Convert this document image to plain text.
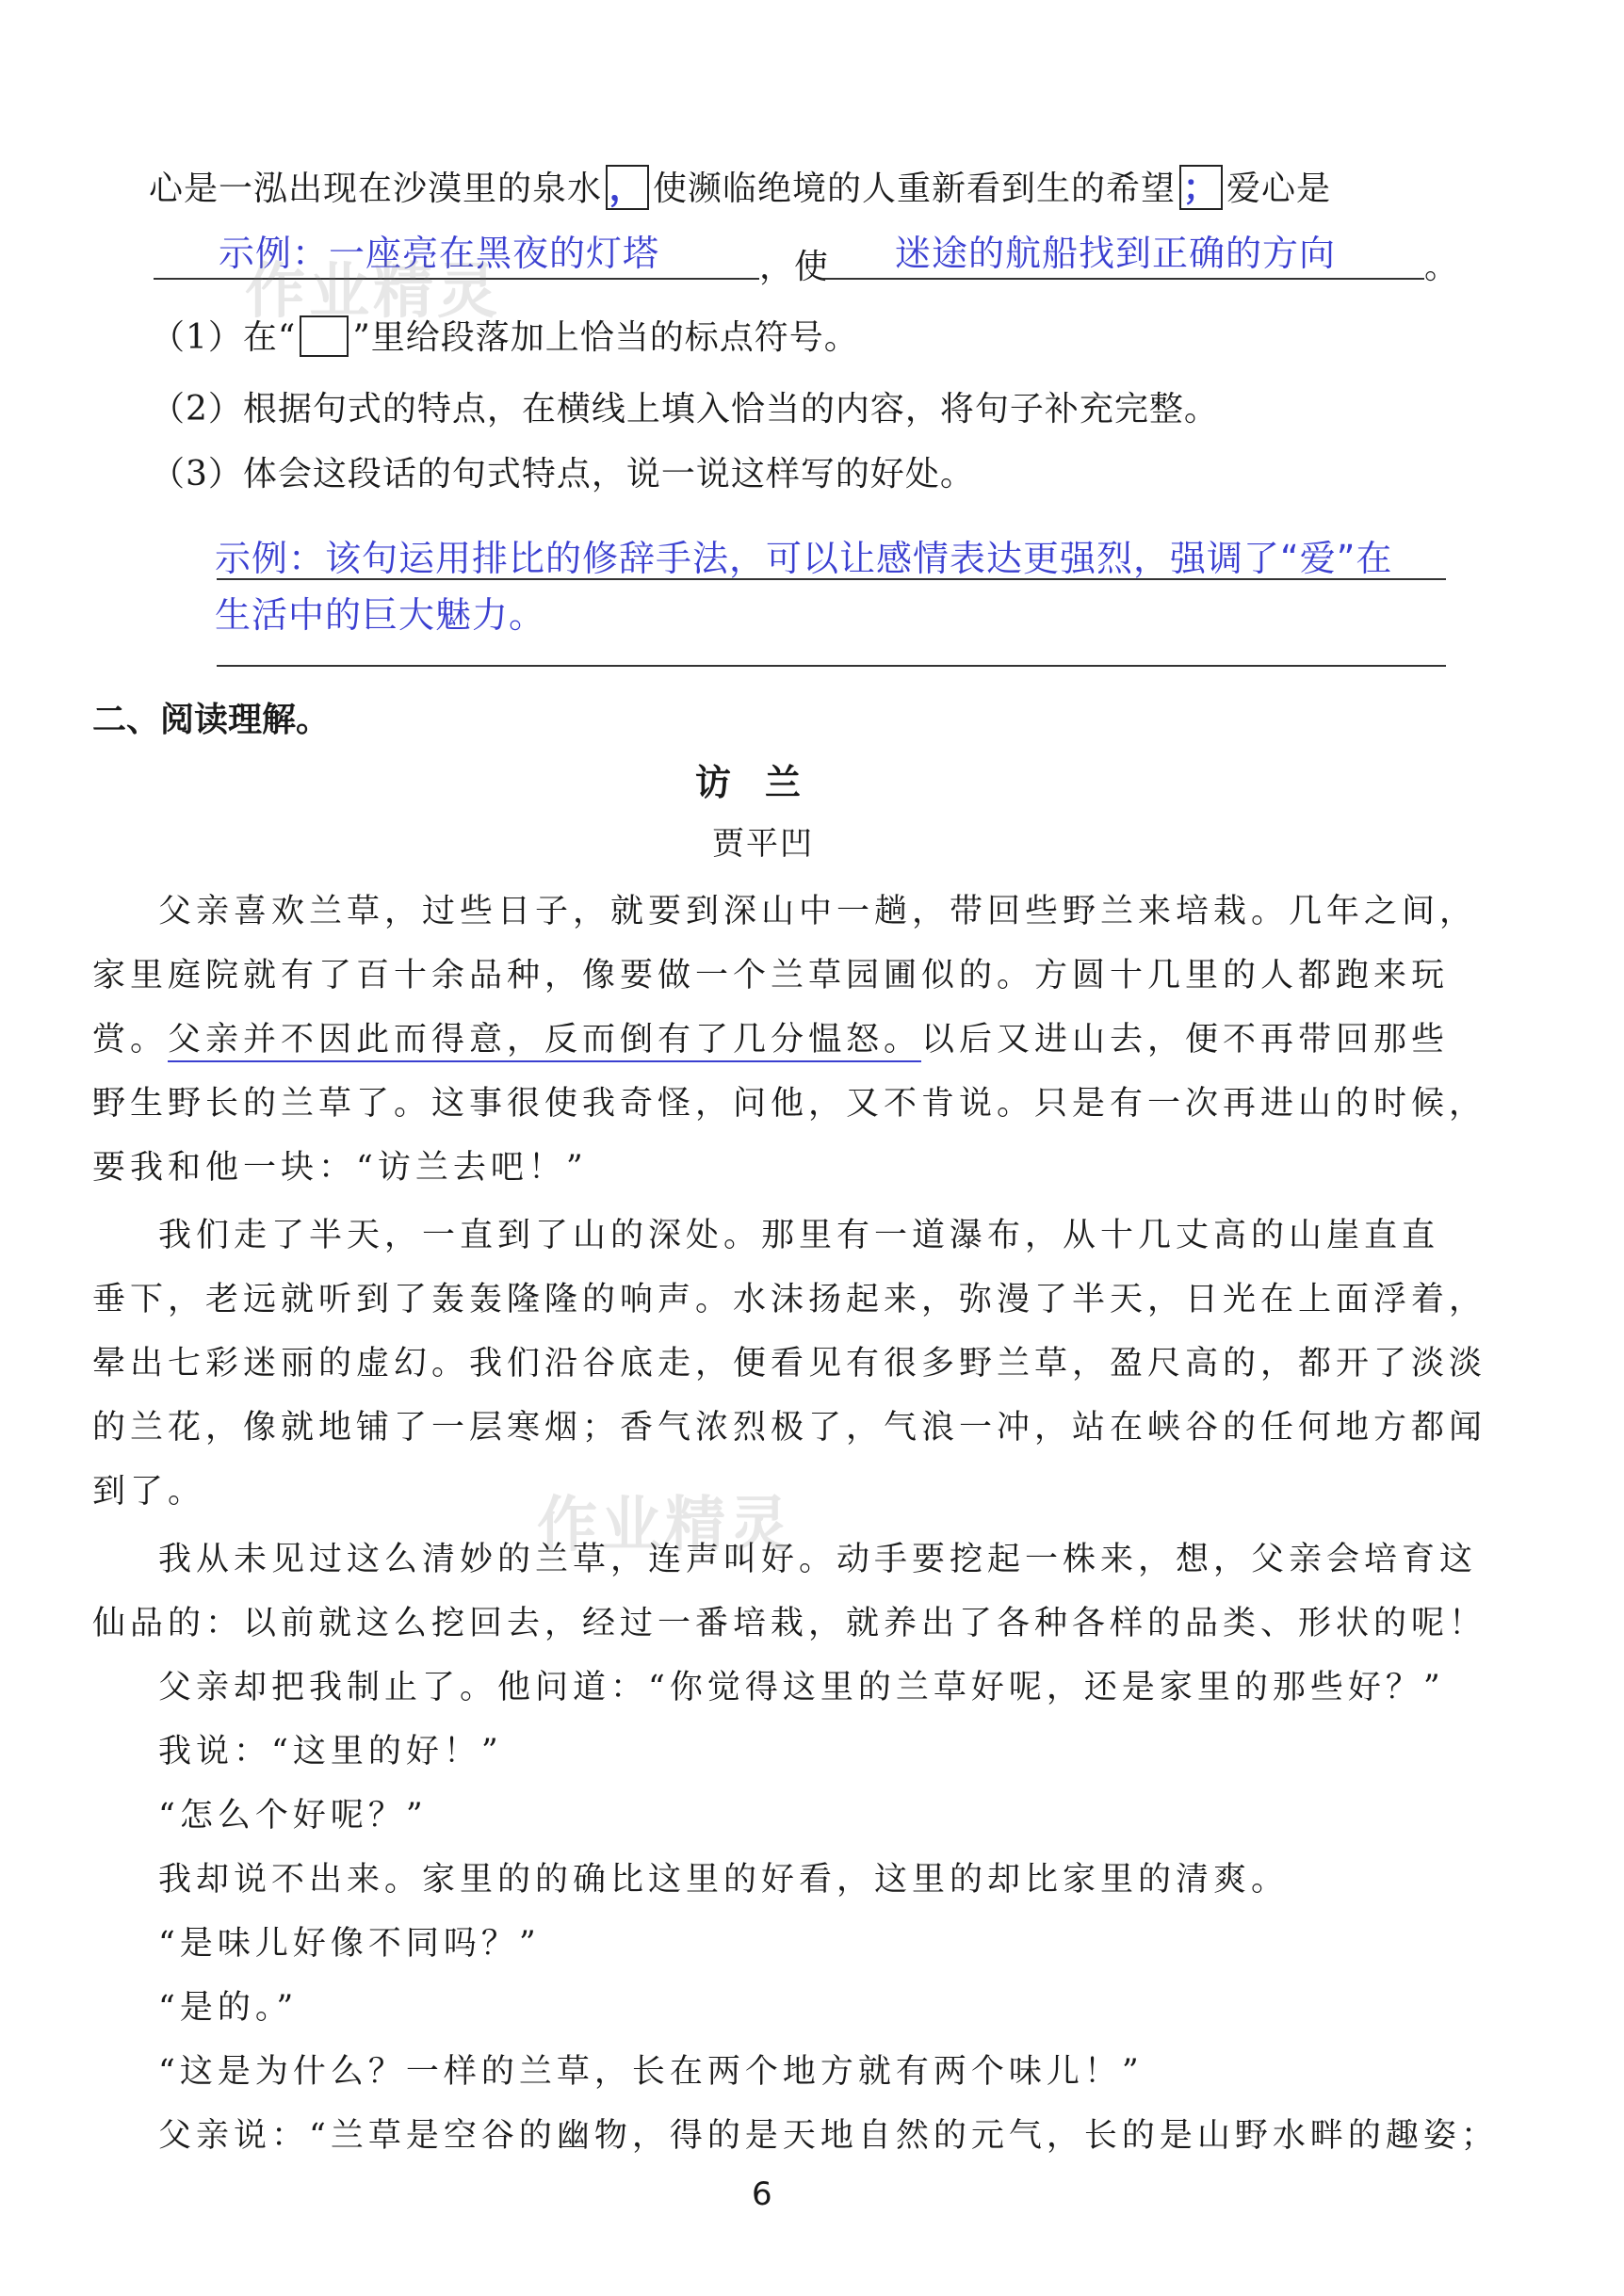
心是一泓出现在沙漠里的泉水 ， 使濒临绝境的人重新看到生的希望 ； 爱心是
示例：一座亮在黑夜的灯塔	，使 迷途的航船找到正确的方向	。
（1）在“ ”里给段落加上恰当的标点符号。
（2）根据句式的特点，在横线上填入恰当的内容，将句子补充完整。
（3）体会这段话的句式特点，说一说这样写的好处。
示例：该句运用排比的修辞手法，可以让感情表达更强烈，强调了“爱”在
生活中的巨大魅力。
二、阅读理解。
访兰
贾平凹
父亲喜欢兰草，过些日子，就要到深山中一趟，带回些野兰来培栽。几年之间，
家里庭院就有了百十余品种，像要做一个兰草园圃似的。方圆十几里的人都跑来玩
赏。父亲并不因此而得意，反而倒有了几分愠怒。以后又进山去，便不再带回那些
野生野长的兰草了。这事很使我奇怪，问他，又不肯说。只是有一次再进山的时候，
要我和他一块：“访兰去吧！”
我们走了半天，一直到了山的深处。那里有一道瀑布，从十几丈高的山崖直直
垂下，老远就听到了轰轰隆隆的响声。水沫扬起来，弥漫了半天，日光在上面浮着，
晕出七彩迷丽的虚幻。我们沿谷底走，便看见有很多野兰草，盈尺高的，都开了淡淡
的兰花，像就地铺了一层寒烟；香气浓烈极了，气浪一冲，站在峡谷的任何地方都闻
到了。
我从未见过这么清妙的兰草，连声叫好。动手要挖起一株来，想，父亲会培育这
仙品的：以前就这么挖回去，经过一番培栽，就养出了各种各样的品类、形状的呢！
父亲却把我制止了。他问道：“你觉得这里的兰草好呢，还是家里的那些好？”
我说：“这里的好！”
“怎么个好呢？”
我却说不出来。家里的的确比这里的好看，这里的却比家里的清爽。
“是味儿好像不同吗？”
“是的。”
“这是为什么？一样的兰草，长在两个地方就有两个味儿！”
父亲说：“兰草是空谷的幽物，得的是天地自然的元气，长的是山野水畔的趣姿；
作业精灵
作业精灵
6
